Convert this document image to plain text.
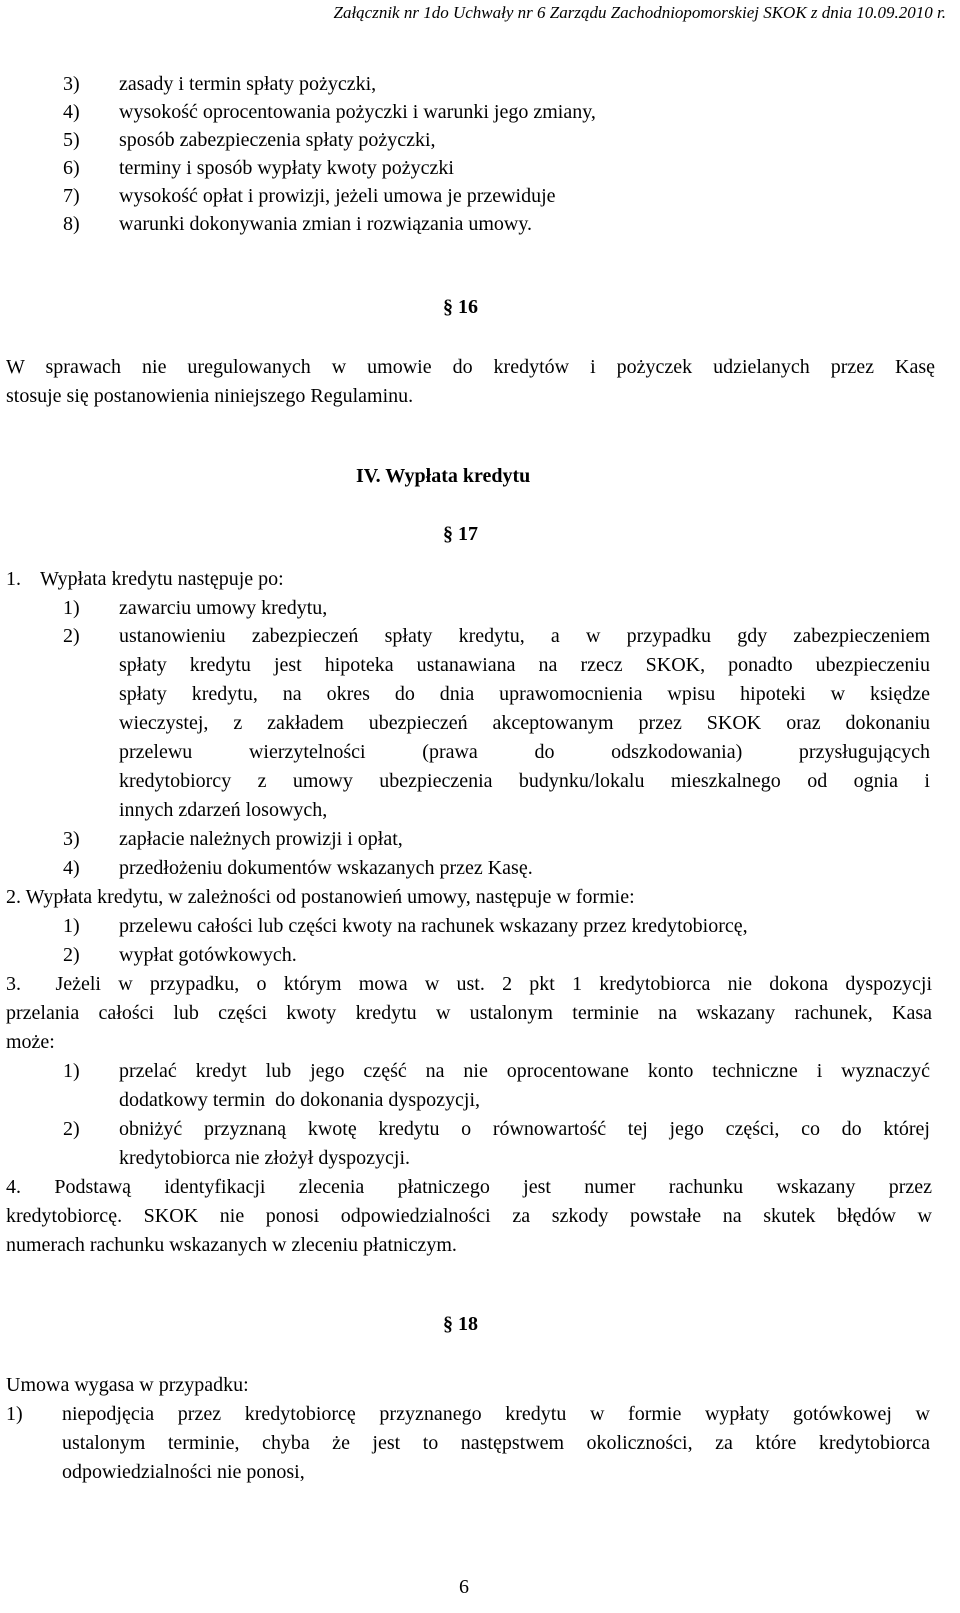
Załącznik nr 1do Uchwały nr 6 Zarządu Zachodniopomorskiej SKOK z dnia 10.09.2010 r.
3) zasady i termin spłaty pożyczki,
4) wysokość oprocentowania pożyczki i warunki jego zmiany,
5) sposób zabezpieczenia spłaty pożyczki,
6) terminy i sposób wypłaty kwoty pożyczki
7) wysokość opłat i prowizji, jeżeli umowa je przewiduje
8) warunki dokonywania zmian i rozwiązania umowy.
§ 16
W sprawach nie uregulowanych w umowie do kredytów i pożyczek udzielanych przez Kasę
stosuje się postanowienia niniejszego Regulaminu.
IV. Wypłata kredytu
§ 17
1. Wypłata kredytu następuje po:
1) zawarciu umowy kredytu,
2) ustanowieniu zabezpieczeń spłaty kredytu, a w przypadku gdy zabezpieczeniem
spłaty kredytu jest hipoteka ustanawiana na rzecz SKOK, ponadto ubezpieczeniu
spłaty kredytu, na okres do dnia uprawomocnienia wpisu hipoteki w księdze
wieczystej, z zakładem ubezpieczeń akceptowanym przez SKOK oraz dokonaniu
przelewu    wierzytelności    (prawa    do    odszkodowania)    przysługujących
kredytobiorcy z umowy ubezpieczenia budynku/lokalu mieszkalnego od ognia i
innych zdarzeń losowych,
3) zapłacie należnych prowizji i opłat,
4) przedłożeniu dokumentów wskazanych przez Kasę.
2. Wypłata kredytu, w zależności od postanowień umowy, następuje w formie:
1) przelewu całości lub części kwoty na rachunek wskazany przez kredytobiorcę,
2) wypłat gotówkowych.
3.  Jeżeli w przypadku, o którym mowa w ust. 2 pkt 1 kredytobiorca nie dokona dyspozycji
przelania całości lub części kwoty kredytu w ustalonym terminie na wskazany rachunek, Kasa
może:
1) przelać kredyt lub jego część na nie oprocentowane konto techniczne i wyznaczyć
dodatkowy termin  do dokonania dyspozycji,
2) obniżyć przyznaną kwotę kredytu o równowartość tej jego części, co do której
kredytobiorca nie złożył dyspozycji.
4.  Podstawą  identyfikacji  zlecenia  płatniczego  jest  numer  rachunku  wskazany  przez
kredytobiorcę. SKOK nie ponosi odpowiedzialności za szkody powstałe na skutek błędów w
numerach rachunku wskazanych w zleceniu płatniczym.
§ 18
Umowa wygasa w przypadku:
1) niepodjęcia przez kredytobiorcę przyznanego kredytu w formie wypłaty gotówkowej w
ustalonym terminie, chyba że jest to następstwem okoliczności, za które kredytobiorca
odpowiedzialności nie ponosi,
6
